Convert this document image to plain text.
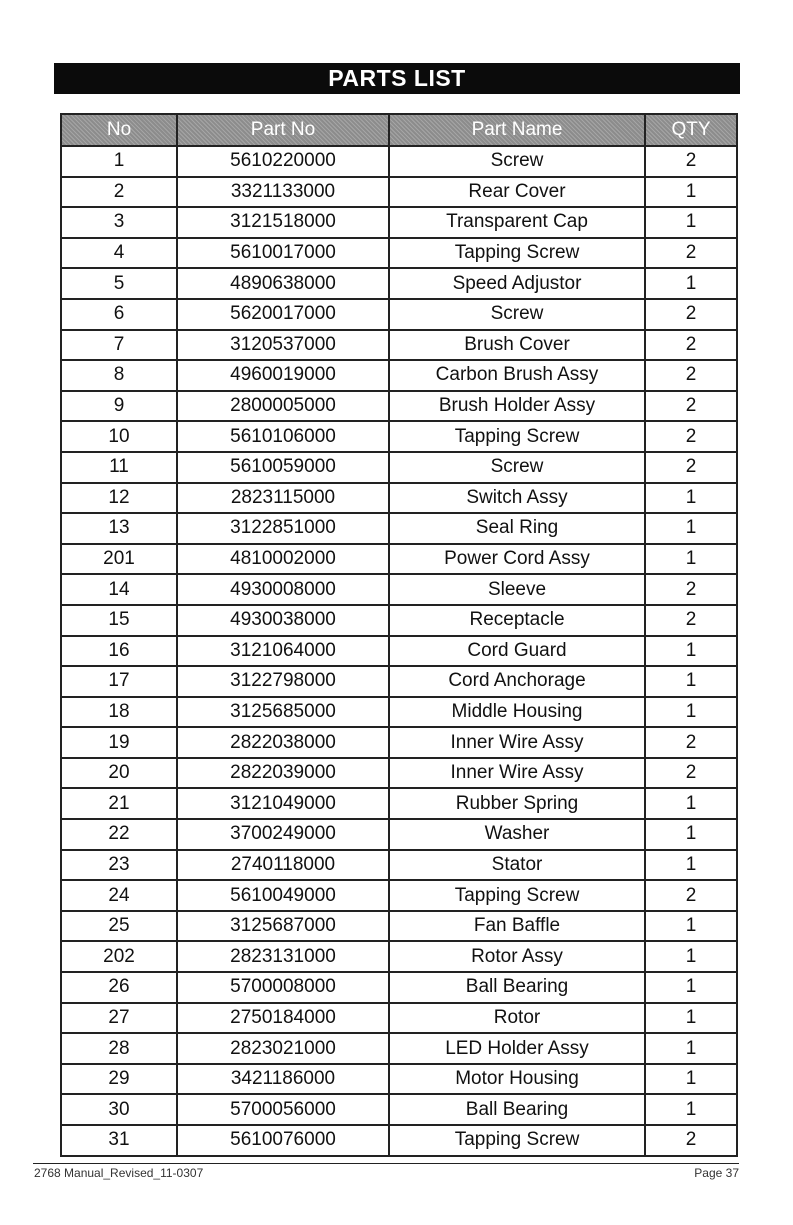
PARTS LIST
No	Part No	Part Name	QTY
1	5610220000	Screw	2
2	3321133000	Rear Cover	1
3	3121518000	Transparent Cap	1
4	5610017000	Tapping Screw	2
5	4890638000	Speed Adjustor	1
6	5620017000	Screw	2
7	3120537000	Brush Cover	2
8	4960019000	Carbon Brush Assy	2
9	2800005000	Brush Holder Assy	2
10	5610106000	Tapping Screw	2
11	5610059000	Screw	2
12	2823115000	Switch Assy	1
13	3122851000	Seal Ring	1
201	4810002000	Power Cord Assy	1
14	4930008000	Sleeve	2
15	4930038000	Receptacle	2
16	3121064000	Cord Guard	1
17	3122798000	Cord Anchorage	1
18	3125685000	Middle Housing	1
19	2822038000	Inner Wire Assy	2
20	2822039000	Inner Wire Assy	2
21	3121049000	Rubber Spring	1
22	3700249000	Washer	1
23	2740118000	Stator	1
24	5610049000	Tapping Screw	2
25	3125687000	Fan Baffle	1
202	2823131000	Rotor Assy	1
26	5700008000	Ball Bearing	1
27	2750184000	Rotor	1
28	2823021000	LED Holder Assy	1
29	3421186000	Motor Housing	1
30	5700056000	Ball Bearing	1
31	5610076000	Tapping Screw	2
2768 Manual_Revised_11-0307	Page 37
